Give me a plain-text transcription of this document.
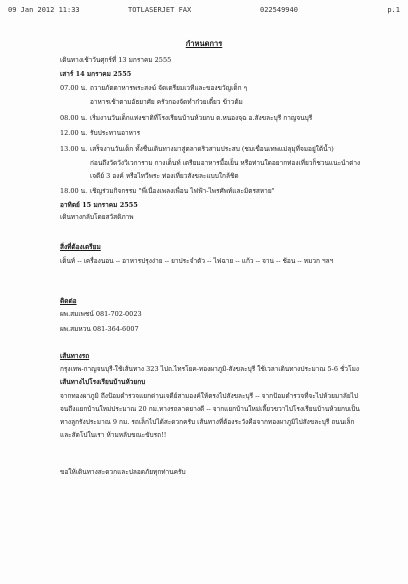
09 Jan 2012 11:33	TOTLASERJET FAX	022549940	p.1
กำหนดการ
เดินทางเช้าวันศุกร์ที่ 13 มกราคม 2555
เสาร์ 14 มกราคม 2555
07.00 น. ถวายภัตตาหารพระสงฆ์ จัดเตรียมเวทีและของขวัญเด็ก ๆ
อาหารเช้าตามอัธยาศัย ครัวกองจัดทำก๋วยเตี๋ยว ข้าวต้ม
08.00 น. เริ่มงานวันเด็กแห่งชาติที่โรงเรียนบ้านห้วยกบ ต.หนองจฺฉ อ.สังขละบุรี กาญจนบุรี
12.00 น. รับประทานอาหาร
13.00 น. เสร็จงานวันเด็ก ทั้งชื่นเดินทางมาสู่ตลาดริวสามประสบ (ชมเขื่อนเทพแม่ลุมุที่จมอยู่ใต้น้ำ)
ก่อนถึงวัดวังวิเวการาม กางเต็นท์ เตรียมอาหารมื้อเย็น หรือท่านใดอยากท่องเที่ยวก็ชวนแนะนำต่าง
เจดีย์ 3 องค์ หรือไทวีพระ ท่องเที่ยวสังขละแบบใกล้ชิด
18.00 น. เชิญร่วมกิจกรรม "พี่เนื่องเพลงเพื่อน ไฟฟ้า-ไพรศัพท์และมิตรสหาย"
อาทิตย์ 15 มกราคม 2555
เดินทางกลับโดยสวัสดิภาพ
สิ่งที่ต้องเตรียม
เต็นท์ -- เครื่องนอน -- อาหารปรุงง่าย -- ยาประจำตัว -- ไฟฉาย -- แก้ว -- จาน -- ช้อน -- หมวก ฯลฯ
ติดต่อ
ผพ.สมเพชน์ 081-702-0023
ผพ.สมหวน 081-364-6007
เส้นทางรถ
กรุงเทพ-กาญจนบุรี-ใช้เส้นทาง 323 ไปถ.ไทรโยค-ทองผาภูมิ-สังขละบุรี ใช้เวลาเดินทางประมาณ 5-6 ชั่วโมง
เส้นทางไปโรงเรียนบ้านห้วยกบ
จากทองผาภูมิ ถึงป้อมตำรวจแยกด่านเจดีย์สามองค์ให้ตรงไปสังขละบุรี -- จากป้อมตำรวจที่จะไปห้วยมาลัยไป
จนถึงแยกบ้านใหม่ประมาณ 20 กม.ทางรถลาดยางดี -- จากแยกบ้านใหม่เลี้ยวขวาไปโรงเรียนบ้านห้วยกบเป็น
ทางลูกรังประมาณ 9 กม. รถเล็กไปได้สะดวกครับ เส้นทางที่ต้องระวังคือจากทองผาภูมิไปสังขละบุรี ถนนเล็ก
และสัดโปในเรา ห้ามหลับขณะขับรถ!!
ขอให้เดินทางสะดวกและปลอดภัยทุกท่านครับ
